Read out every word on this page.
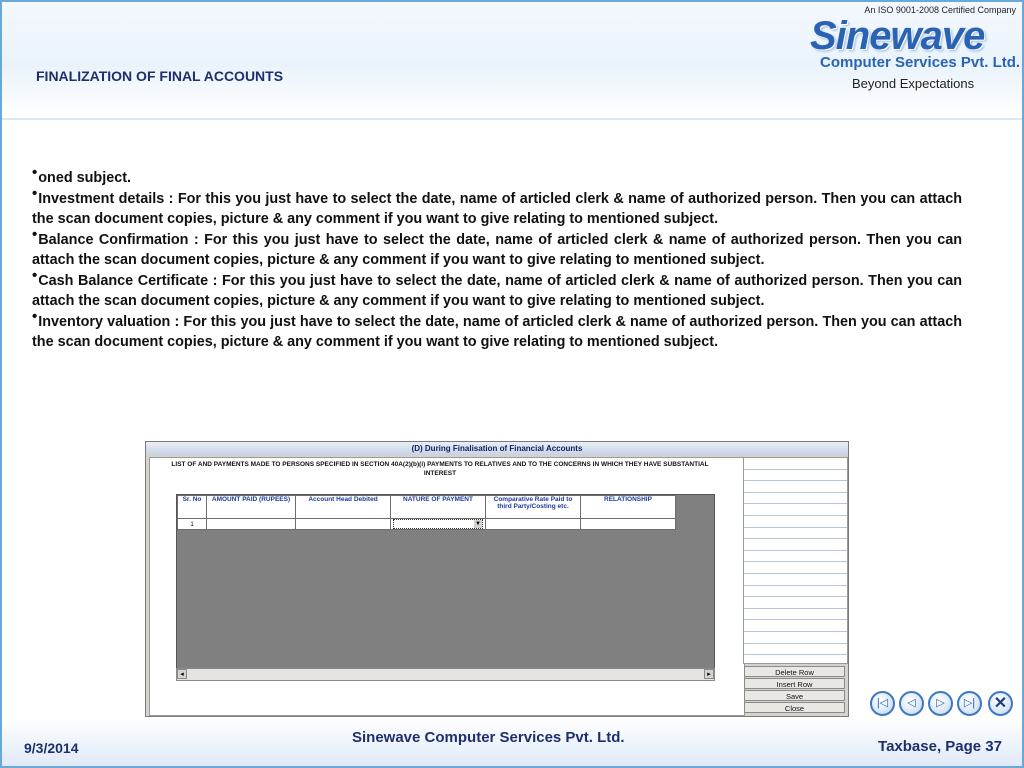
FINALIZATION OF FINAL ACCOUNTS
An ISO 9001-2008 Certified Company
Sinewave
Computer Services Pvt. Ltd.
Beyond Expectations

•oned subject.

•Investment details : For this you just have to select the date, name of articled clerk & name of authorized person. Then you can attach the scan document copies, picture & any comment if you want to give relating to mentioned subject.

•Balance Confirmation : For this you just have to select the date, name of articled clerk & name of authorized person. Then you can attach the scan document copies, picture & any comment if you want to give relating to mentioned subject.

•Cash Balance Certificate : For this you just have to select the date, name of articled clerk & name of authorized person. Then you can attach the scan document copies, picture & any comment if you want to give relating to mentioned subject.

•Inventory valuation : For this you just have to select the date, name of articled clerk & name of authorized person. Then you can attach the scan document copies, picture & any comment if you want to give relating to mentioned subject.

(D) During Finalisation of Financial Accounts
LIST OF AND PAYMENTS MADE TO PERSONS SPECIFIED IN SECTION 40A(2)(b)(i) PAYMENTS TO RELATIVES AND TO THE CONCERNS IN WHICH THEY HAVE SUBSTANTIAL INTEREST
Sr. No	AMOUNT PAID (RUPEES)	Account Head Debited	NATURE OF PAYMENT	Comparative Rate Paid to third Party/Costing etc.	RELATIONSHIP
1			▼		

◂	▸	Delete Row
Insert Row
Save
Close	|◁	◁	▷	▷|	✕
9/3/2014
Sinewave Computer Services Pvt. Ltd.
Taxbase, Page 37
